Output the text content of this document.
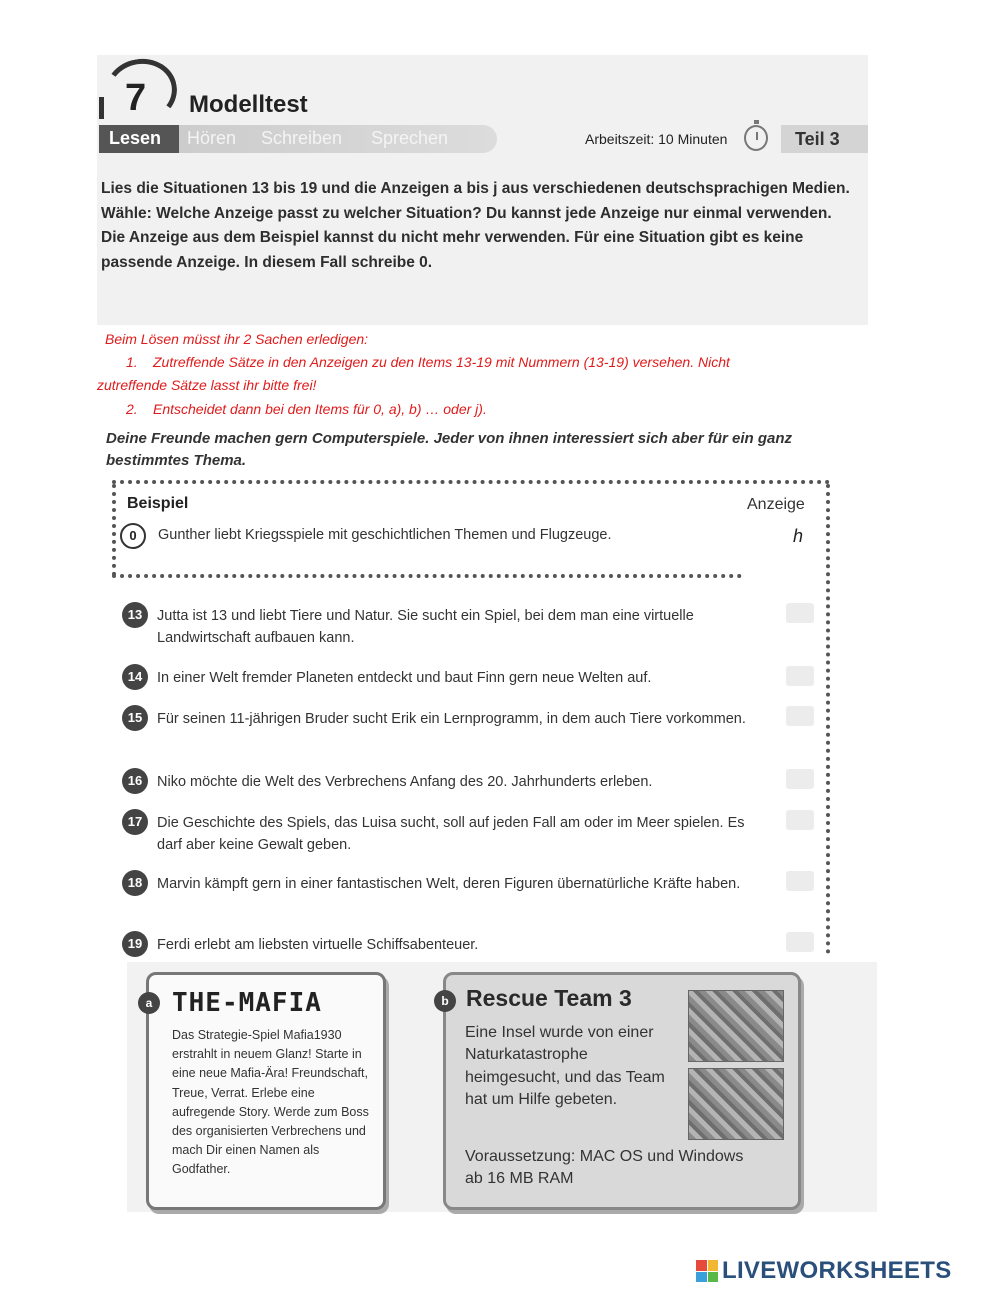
7 Modelltest
Lesen	Hören Schreiben Sprechen	Arbeitszeit: 10 Minuten	Teil 3

Lies die Situationen 13 bis 19 und die Anzeigen a bis j aus verschiedenen deutschsprachigen Medien.

Wähle: Welche Anzeige passt zu welcher Situation? Du kannst jede Anzeige nur einmal verwenden.

Die Anzeige aus dem Beispiel kannst du nicht mehr verwenden. Für eine Situation gibt es keine passende Anzeige. In diesem Fall schreibe 0.

Beim Lösen müsst ihr 2 Sachen erledigen:
1. Zutreffende Sätze in den Anzeigen zu den Items 13-19 mit Nummern (13-19) versehen. Nicht
zutreffende Sätze lasst ihr bitte frei!
2. Entscheidet dann bei den Items für 0, a), b) … oder j).
Deine Freunde machen gern Computerspiele. Jeder von ihnen interessiert sich aber für ein ganz bestimmtes Thema.
Beispiel	Anzeige
0	Gunther liebt Kriegsspiele mit geschichtlichen Themen und Flugzeuge.	h
13	Jutta ist 13 und liebt Tiere und Natur. Sie sucht ein Spiel, bei dem man eine virtuelle Landwirtschaft aufbauen kann.
14	In einer Welt fremder Planeten entdeckt und baut Finn gern neue Welten auf.
15	Für seinen 11-jährigen Bruder sucht Erik ein Lernprogramm, in dem auch Tiere vorkommen.
16	Niko möchte die Welt des Verbrechens Anfang des 20. Jahrhunderts erleben.
17	Die Geschichte des Spiels, das Luisa sucht, soll auf jeden Fall am oder im Meer spielen. Es darf aber keine Gewalt geben.
18	Marvin kämpft gern in einer fantastischen Welt, deren Figuren übernatürliche Kräfte haben.
19	Ferdi erlebt am liebsten virtuelle Schiffsabenteuer.
a THE-MAFIA
Das Strategie-Spiel Mafia1930 erstrahlt in neuem Glanz! Starte in eine neue Mafia-Ära! Freundschaft, Treue, Verrat. Erlebe eine aufregende Story. Werde zum Boss des organisierten Verbrechens und mach Dir einen Namen als Godfather.
b Rescue Team 3
Eine Insel wurde von einer Naturkatastrophe heimgesucht, und das Team hat um Hilfe gebeten.
Voraussetzung: MAC OS und Windows ab 16 MB RAM
LIVEWORKSHEETS
